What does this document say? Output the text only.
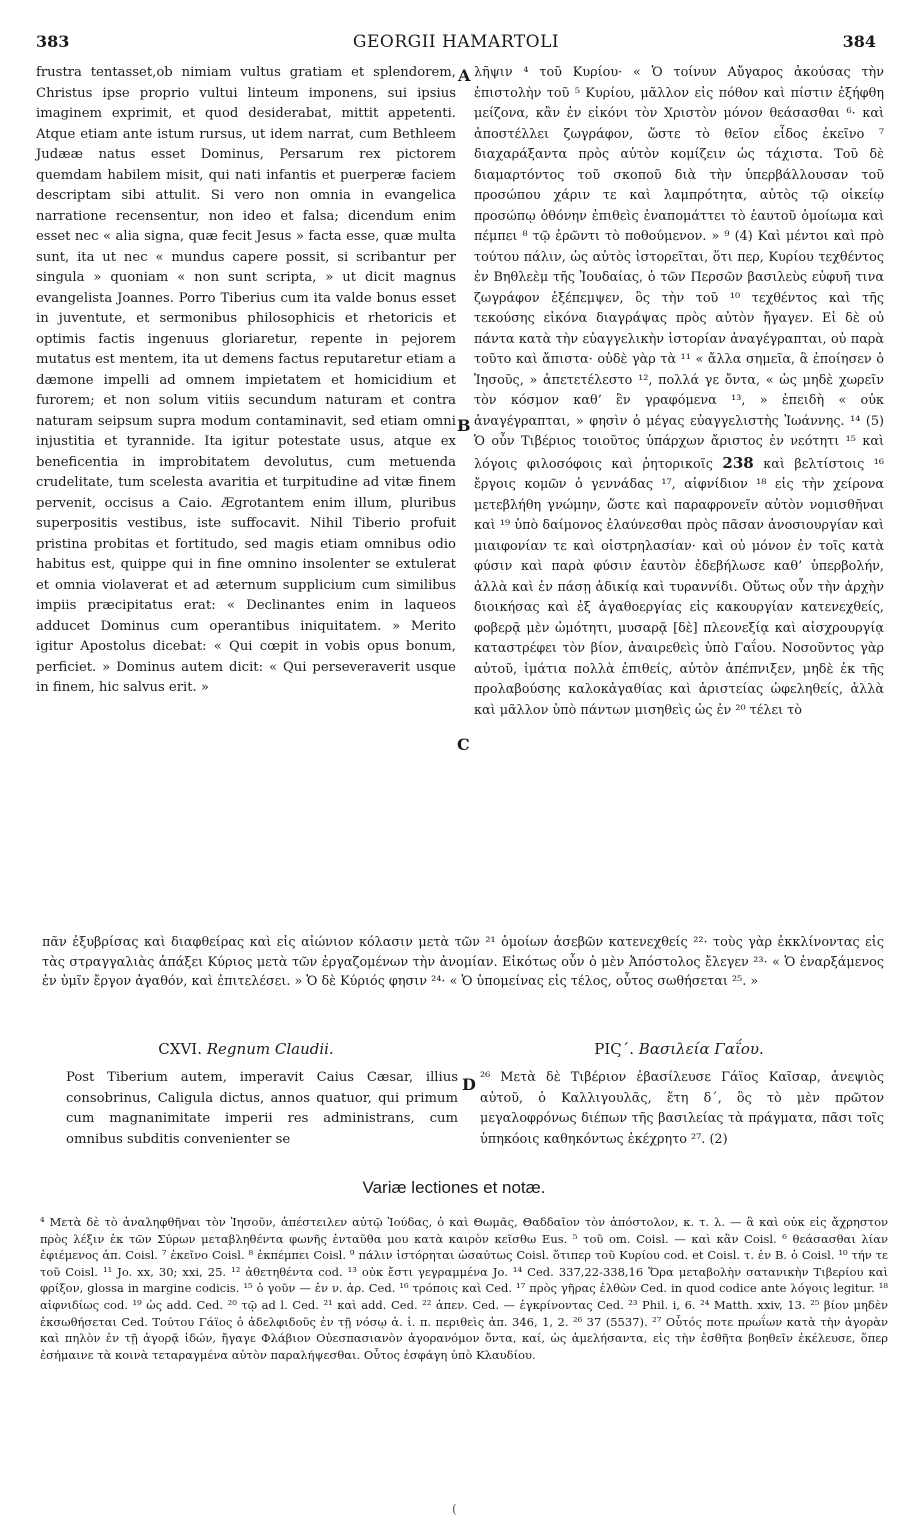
383	GEORGII HAMARTOLI	384

frustra tentasset,ob nimiam vultus gratiam et splendorem, Christus ipse proprio vultui linteum imponens, sui ipsius imaginem exprimit, et quod desiderabat, mittit appetenti. Atque etiam ante istum rursus, ut idem narrat, cum Bethleem Judææ natus esset Dominus, Persarum rex pictorem quemdam habilem misit, qui nati infantis et puerperæ faciem descriptam sibi attulit. Si vero non omnia in evangelica narratione recensentur, non ideo et falsa; dicendum enim esset nec « alia signa, quæ fecit Jesus » facta esse, quæ multa sunt, ita ut nec « mundus capere possit, si scribantur per singula » quoniam « non sunt scripta, » ut dicit magnus evangelista Joannes. Porro Tiberius cum ita valde bonus esset in juventute, et sermonibus philosophicis et rhetoricis et optimis factis ingenuus gloriaretur, repente in pejorem mutatus est mentem, ita ut demens factus reputaretur etiam a dæmone impelli ad omnem impietatem et homicidium et furorem; et non solum vitiis secundum naturam et contra naturam seipsum supra modum contaminavit, sed etiam omni injustitia et tyrannide. Ita igitur potestate usus, atque ex beneficentia in improbitatem devolutus, cum metuenda crudelitate, tum scelesta avaritia et turpitudine ad vitæ finem pervenit, occisus a Caio. Ægrotantem enim illum, pluribus superpositis vestibus, iste suffocavit. Nihil Tiberio profuit pristina probitas et fortitudo, sed magis etiam omnibus odio habitus est, quippe qui in fine omnino insolenter se extulerat et omnia violaverat et ad æternum supplicium cum similibus impiis præcipitatus erat: « Declinantes enim in laqueos adducet Dominus cum operantibus iniquitatem. » Merito igitur Apostolus dicebat: « Qui cœpit in vobis opus bonum, perficiet. » Dominus autem dicit: « Qui perseveraverit usque in finem, hic salvus erit. »

A
B
C
D

λῆψιν ⁴ τοῦ Κυρίου· « Ὁ τοίνυν Αὔγαρος ἀκούσας τὴν ἐπιστολὴν τοῦ ⁵ Κυρίου, μᾶλλον εἰς πόθον καὶ πίστιν ἐξήφθη μείζονα, κἂν ἐν εἰκόνι τὸν Χριστὸν μόνον θεάσασθαι ⁶· καὶ ἀποστέλλει ζωγράφον, ὥστε τὸ θεῖον εἶδος ἐκεῖνο ⁷ διαχαράξαντα πρὸς αὐτὸν κομίζειν ὡς τάχιστα. Τοῦ δὲ διαμαρτόντος τοῦ σκοποῦ διὰ τὴν ὑπερβάλλουσαν τοῦ προσώπου χάριν τε καὶ λαμπρότητα, αὐτὸς τῷ οἰκείῳ προσώπῳ ὀθόνην ἐπιθεὶς ἐναπομάττει τὸ ἑαυτοῦ ὁμοίωμα καὶ πέμπει ⁸ τῷ ἐρῶντι τὸ ποθούμενον. » ⁹ (4) Καὶ μέντοι καὶ πρὸ τούτου πάλιν, ὡς αὐτὸς ἱστορεῖται, ὅτι περ, Κυρίου τεχθέντος ἐν Βηθλεὲμ τῆς Ἰουδαίας, ὁ τῶν Περσῶν βασιλεὺς εὐφυῆ τινα ζωγράφον ἐξέπεμψεν, ὃς τὴν τοῦ ¹⁰ τεχθέντος καὶ τῆς τεκούσης εἰκόνα διαγράψας πρὸς αὐτὸν ἤγαγεν. Εἰ δὲ οὐ πάντα κατὰ τὴν εὐαγγελικὴν ἱστορίαν ἀναγέγραπται, οὐ παρὰ τοῦτο καὶ ἄπιστα· οὐδὲ γὰρ τὰ ¹¹ « ἄλλα σημεῖα, ἃ ἐποίησεν ὁ Ἰησοῦς, » ἀπετετέλεστο ¹², πολλά γε ὄντα, « ὡς μηδὲ χωρεῖν τὸν κόσμον καθ’ ἓν γραφόμενα ¹³, » ἐπειδὴ « οὐκ ἀναγέγραπται, » φησὶν ὁ μέγας εὐαγγελιστὴς Ἰωάννης. ¹⁴ (5) Ὁ οὖν Τιβέριος τοιοῦτος ὑπάρχων ἄριστος ἐν νεότητι ¹⁵ καὶ λόγοις φιλοσόφοις καὶ ῥητορικοῖς 238 καὶ βελτίστοις ¹⁶ ἔργοις κομῶν ὁ γεννάδας ¹⁷, αἰφνίδιον ¹⁸ εἰς τὴν χείρονα μετεβλήθη γνώμην, ὥστε καὶ παραφρονεῖν αὐτὸν νομισθῆναι καὶ ¹⁹ ὑπὸ δαίμονος ἐλαύνεσθαι πρὸς πᾶσαν ἀνοσιουργίαν καὶ μιαιφονίαν τε καὶ οἰστρηλασίαν· καὶ οὐ μόνον ἐν τοῖς κατὰ φύσιν καὶ παρὰ φύσιν ἑαυτὸν ἐδεβήλωσε καθ’ ὑπερβολήν, ἀλλὰ καὶ ἐν πάσῃ ἀδικίᾳ καὶ τυραννίδι. Οὕτως οὖν τὴν ἀρχὴν διοικήσας καὶ ἐξ ἀγαθοεργίας εἰς κακουργίαν κατενεχθείς, φοβερᾷ μὲν ὠμότητι, μυσαρᾷ [δὲ] πλεονεξίᾳ καὶ αἰσχρουργίᾳ καταστρέφει τὸν βίον, ἀναιρεθεὶς ὑπὸ Γαΐου. Νοσοῦντος γὰρ αὐτοῦ, ἱμάτια πολλὰ ἐπιθείς, αὐτὸν ἀπέπνιξεν, μηδὲ ἐκ τῆς προλαβούσης καλοκἀγαθίας καὶ ἀριστείας ὠφεληθείς, ἀλλὰ καὶ μᾶλλον ὑπὸ πάντων μισηθεὶς ὡς ἐν ²⁰ τέλει τὸ

πᾶν ἐξυβρίσας καὶ διαφθείρας καὶ εἰς αἰώνιον κόλασιν μετὰ τῶν ²¹ ὁμοίων ἀσεβῶν κατενεχθείς ²²· τοὺς γὰρ ἐκκλίνοντας εἰς τὰς στραγγαλιὰς ἀπάξει Κύριος μετὰ τῶν ἐργαζομένων τὴν ἀνομίαν. Εἰκότως οὖν ὁ μὲν Ἀπόστολος ἔλεγεν ²³· « Ὁ ἐναρξάμενος ἐν ὑμῖν ἔργον ἀγαθόν, καὶ ἐπιτελέσει. » Ὁ δὲ Κύριός φησιν ²⁴· « Ὁ ὑπομείνας εἰς τέλος, οὗτος σωθήσεται ²⁵. »
CXVI. Regnum Claudii.	ΡΙϚ΄. Βασιλεία Γαΐου.
Post Tiberium autem, imperavit Caius Cæsar, illius consobrinus, Caligula dictus, annos quatuor, qui primum cum magnanimitate imperii res administrans, cum omnibus subditis convenienter se
²⁶ Μετὰ δὲ Τιβέριον ἐβασίλευσε Γάϊος Καῖσαρ, ἀνεψιὸς αὐτοῦ, ὁ Καλλιγουλᾶς, ἔτη δ΄, ὃς τὸ μὲν πρῶτον μεγαλοφρόνως διέπων τῆς βασιλείας τὰ πράγματα, πᾶσι τοῖς ὑπηκόοις καθηκόντως ἐκέχρητο ²⁷. (2)
Variæ lectiones et notæ.

⁴ Μετὰ δὲ τὸ ἀναληφθῆναι τὸν Ἰησοῦν, ἀπέστειλεν αὐτῷ Ἰούδας, ὁ καὶ Θωμᾶς, Θαδδαῖον τὸν ἀπόστολον, κ. τ. λ. — ἃ καὶ οὐκ εἰς ἄχρηστον πρὸς λέξιν ἐκ τῶν Σύρων μεταβληθέντα φωνῆς ἐνταῦθα μου κατὰ καιρὸν κεῖσθω Eus. ⁵ τοῦ om. Coisl. — καὶ κἂν Coisl. ⁶ θεάσασθαι λίαν ἐφιέμενος ἀπ. Coisl. ⁷ ἐκεῖνο Coisl. ⁸ ἐκπέμπει Coisl. ⁹ πάλιν ἱστόρηται ὡσαύτως Coisl. ὅτιπερ τοῦ Κυρίου cod. et Coisl. τ. ἐν Β. ὁ Coisl. ¹⁰ τήν τε τοῦ Coisl. ¹¹ Jo. xx, 30; xxi, 25. ¹² ἀθετηθέντα cod. ¹³ οὐκ ἔστι γεγραμμένα Jo. ¹⁴ Ced. 337,22-338,16 Ὅρα μεταβολὴν σατανικὴν Τιβερίου καὶ φρίξον, glossa in margine codicis. ¹⁵ ὁ γοῦν — ἐν ν. ἀρ. Ced. ¹⁶ τρόποις καὶ Ced. ¹⁷ πρὸς γῆρας ἐλθὼν Ced. in quod codice ante λόγοις legitur. ¹⁸ αἰφνιδίως cod. ¹⁹ ὡς add. Ced. ²⁰ τῷ ad l. Ced. ²¹ καὶ add. Ced. ²² ἀπεν. Ced. — ἐγκρίνοντας Ced. ²³ Phil. i, 6. ²⁴ Matth. xxiv, 13. ²⁵ βίον μηδὲν ἐκσωθήσεται Ced. Τούτου Γάϊος ὁ ἀδελφιδοῦς ἐν τῇ νόσῳ ἀ. ἰ. π. περιθεὶς ἀπ. 346, 1, 2. ²⁶ 37 (5537). ²⁷ Οὗτός ποτε πρωΐων κατὰ τὴν ἀγορὰν καὶ πηλὸν ἐν τῇ ἀγορᾷ ἰδών, ἤγαγε Φλάβιον Οὐεσπασιανὸν ἀγορανόμον ὄντα, καί, ὡς ἀμελήσαντα, εἰς τὴν ἐσθῆτα βοηθεῖν ἐκέλευσε, ὅπερ ἐσήμαινε τὰ κοινὰ τεταραγμένα αὐτὸν παραλήψεσθαι. Οὗτος ἐσφάγη ὑπὸ Κλαυδίου.

(
